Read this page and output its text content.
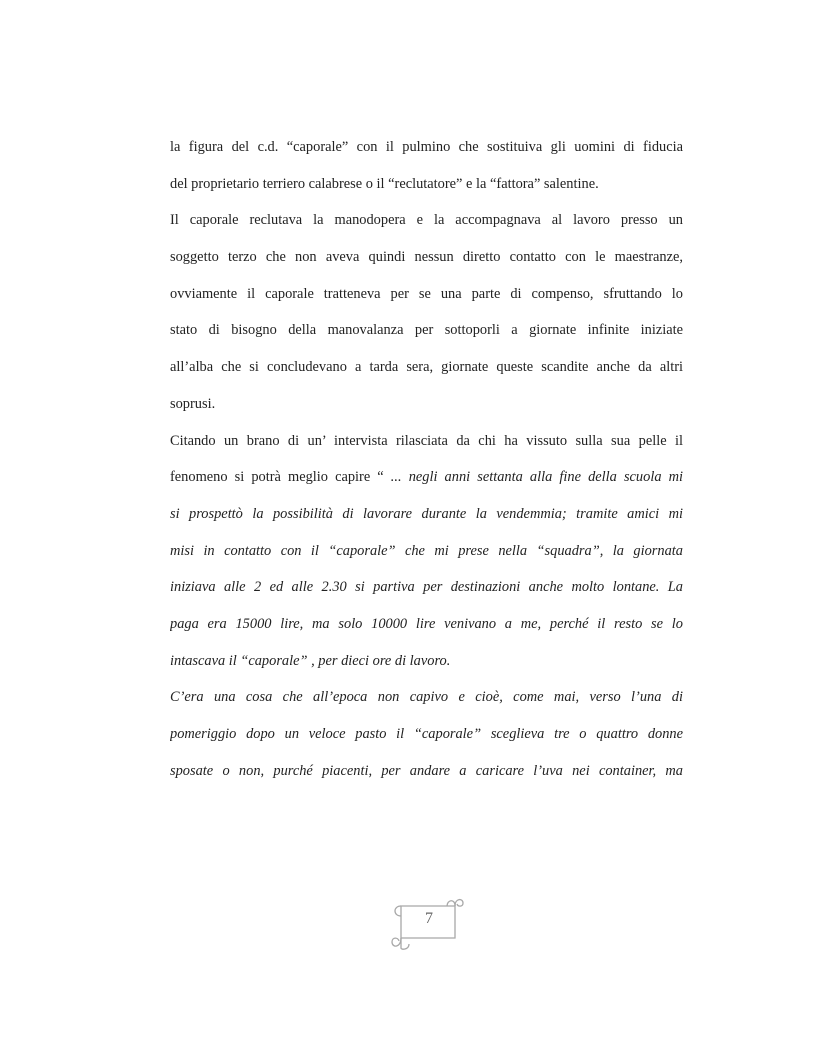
la figura del c.d. “caporale” con il pulmino che sostituiva gli uomini di fiducia
del proprietario terriero calabrese o il “reclutatore” e la “fattora” salentine.
Il caporale reclutava la manodopera e la accompagnava al lavoro presso un
soggetto terzo che non aveva quindi nessun diretto contatto con le maestranze,
ovviamente il caporale tratteneva per se una parte di compenso, sfruttando lo
stato di bisogno della manovalanza per sottoporli a giornate infinite iniziate
all’alba che si concludevano a tarda sera, giornate queste scandite anche da altri
soprusi.
Citando un brano di un’ intervista rilasciata da chi ha vissuto sulla sua pelle il
fenomeno si potrà meglio capire “ ... negli anni settanta alla fine della scuola mi
si prospettò la possibilità di lavorare durante la vendemmia; tramite amici mi
misi in contatto con il “caporale” che mi prese nella “squadra”, la giornata
iniziava alle 2 ed alle 2.30 si partiva per destinazioni anche molto lontane. La
paga era 15000 lire, ma solo 10000 lire venivano a me, perché il resto se lo
intascava il “caporale” , per dieci ore di lavoro.
C’era una cosa che all’epoca non capivo e cioè, come mai, verso l’una di
pomeriggio dopo un veloce pasto il “caporale” sceglieva tre o quattro donne
sposate o non, purché piacenti, per andare a caricare l’uva nei container, ma
7
